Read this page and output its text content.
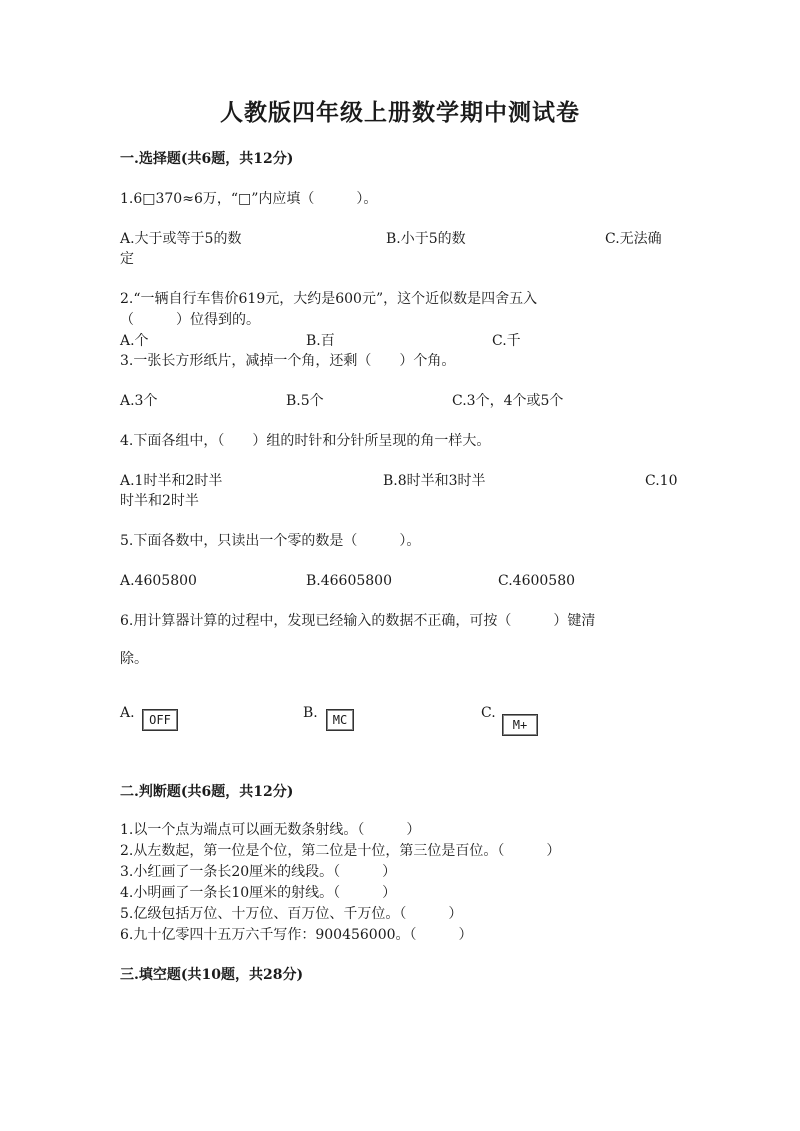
人教版四年级上册数学期中测试卷
一.选择题(共6题，共12分)
1.6□370≈6万，“□”内应填（　　　）。
A.大于或等于5的数	B.小于5的数	C.无法确
定
2.“一辆自行车售价619元，大约是600元”，这个近似数是四舍五入
（　　　）位得到的。
A.个	B.百	C.千
3.一张长方形纸片，减掉一个角，还剩（　　）个角。
A.3个	B.5个	C.3个，4个或5个
4.下面各组中，（　　）组的时针和分针所呈现的角一样大。
A.1时半和2时半	B.8时半和3时半	C.10
时半和2时半
5.下面各数中，只读出一个零的数是（　　　）。
A.4605800	B.46605800	C.4600580
6.用计算器计算的过程中，发现已经输入的数据不正确，可按（　　　）键清
除。
A.	OFF	B.	MC	C.
M+
二.判断题(共6题，共12分)
1.以一个点为端点可以画无数条射线。（　　　）
2.从左数起，第一位是个位，第二位是十位，第三位是百位。（　　　）
3.小红画了一条长20厘米的线段。（　　　）
4.小明画了一条长10厘米的射线。（　　　）
5.亿级包括万位、十万位、百万位、千万位。（　　　）
6.九十亿零四十五万六千写作：900456000。（　　　）
三.填空题(共10题，共28分)
